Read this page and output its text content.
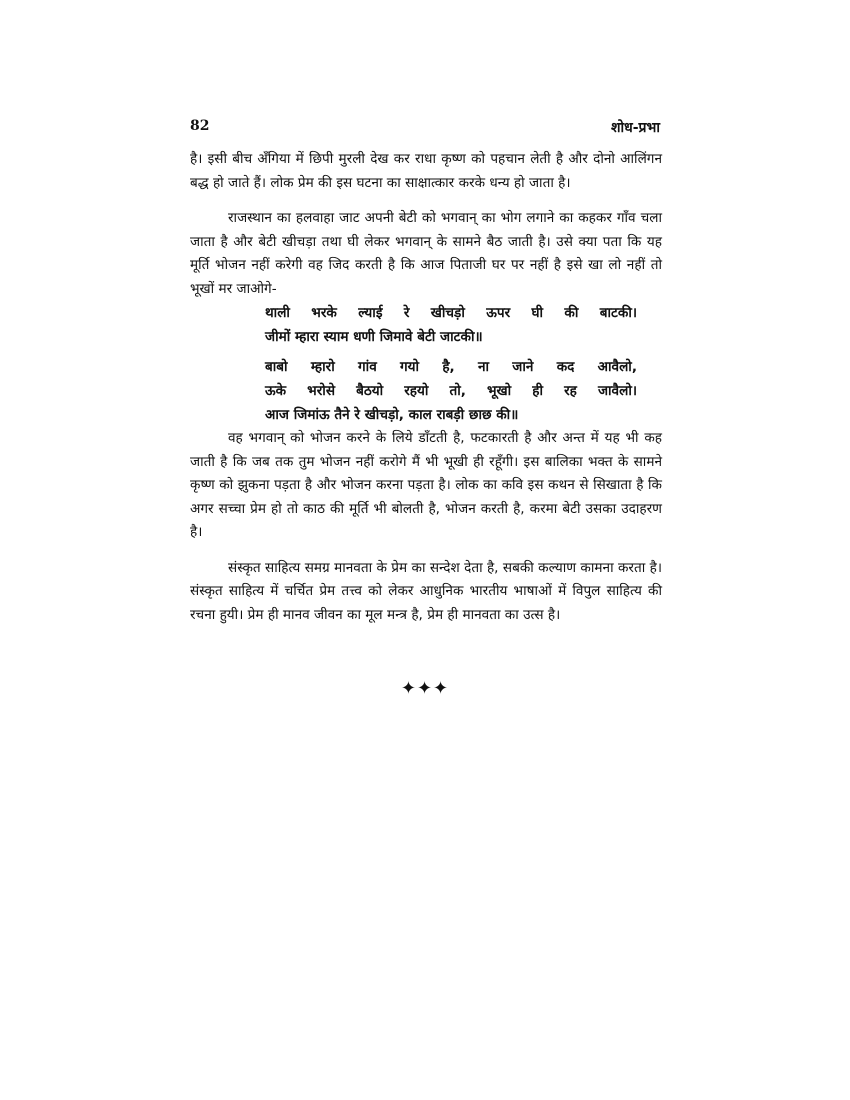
82	शोध-प्रभा

है। इसी बीच अँगिया में छिपी मुरली देख कर राधा कृष्ण को पहचान लेती है और दोनो आलिंगन बद्ध हो जाते हैं। लोक प्रेम की इस घटना का साक्षात्कार करके धन्य हो जाता है।

राजस्थान का हलवाहा जाट अपनी बेटी को भगवान् का भोग लगाने का कहकर गाँव चला जाता है और बेटी खीचड़ा तथा घी लेकर भगवान् के सामने बैठ जाती है। उसे क्या पता कि यह मूर्ति भोजन नहीं करेगी वह जिद करती है कि आज पिताजी घर पर नहीं है इसे खा लो नहीं तो भूखों मर जाओगे-

थाली भरके ल्याई रे खीचड़ो ऊपर घी की बाटकी।
जीमों म्हारा स्याम धणी जिमावे बेटी जाटकी॥
बाबो म्हारो गांव गयो है, ना जाने कद आवैलो,
ऊके भरोसे बैठयो रहयो तो, भूखो ही रह जावैलो।
आज जिमांऊ तैने रे खीचड़ो, काल राबड़ी छाछ की॥

वह भगवान् को भोजन करने के लिये डाँटती है, फटकारती है और अन्त में यह भी कह जाती है कि जब तक तुम भोजन नहीं करोगे मैं भी भूखी ही रहूँगी। इस बालिका भक्त के सामने कृष्ण को झुकना पड़ता है और भोजन करना पड़ता है। लोक का कवि इस कथन से सिखाता है कि अगर सच्चा प्रेम हो तो काठ की मूर्ति भी बोलती है, भोजन करती है, करमा बेटी उसका उदाहरण है।

संस्कृत साहित्य समग्र मानवता के प्रेम का सन्देश देता है, सबकी कल्याण कामना करता है। संस्कृत साहित्य में चर्चित प्रेम तत्त्व को लेकर आधुनिक भारतीय भाषाओं में विपुल साहित्य की रचना हुयी। प्रेम ही मानव जीवन का मूल मन्त्र है, प्रेम ही मानवता का उत्स है।

✦✦✦
